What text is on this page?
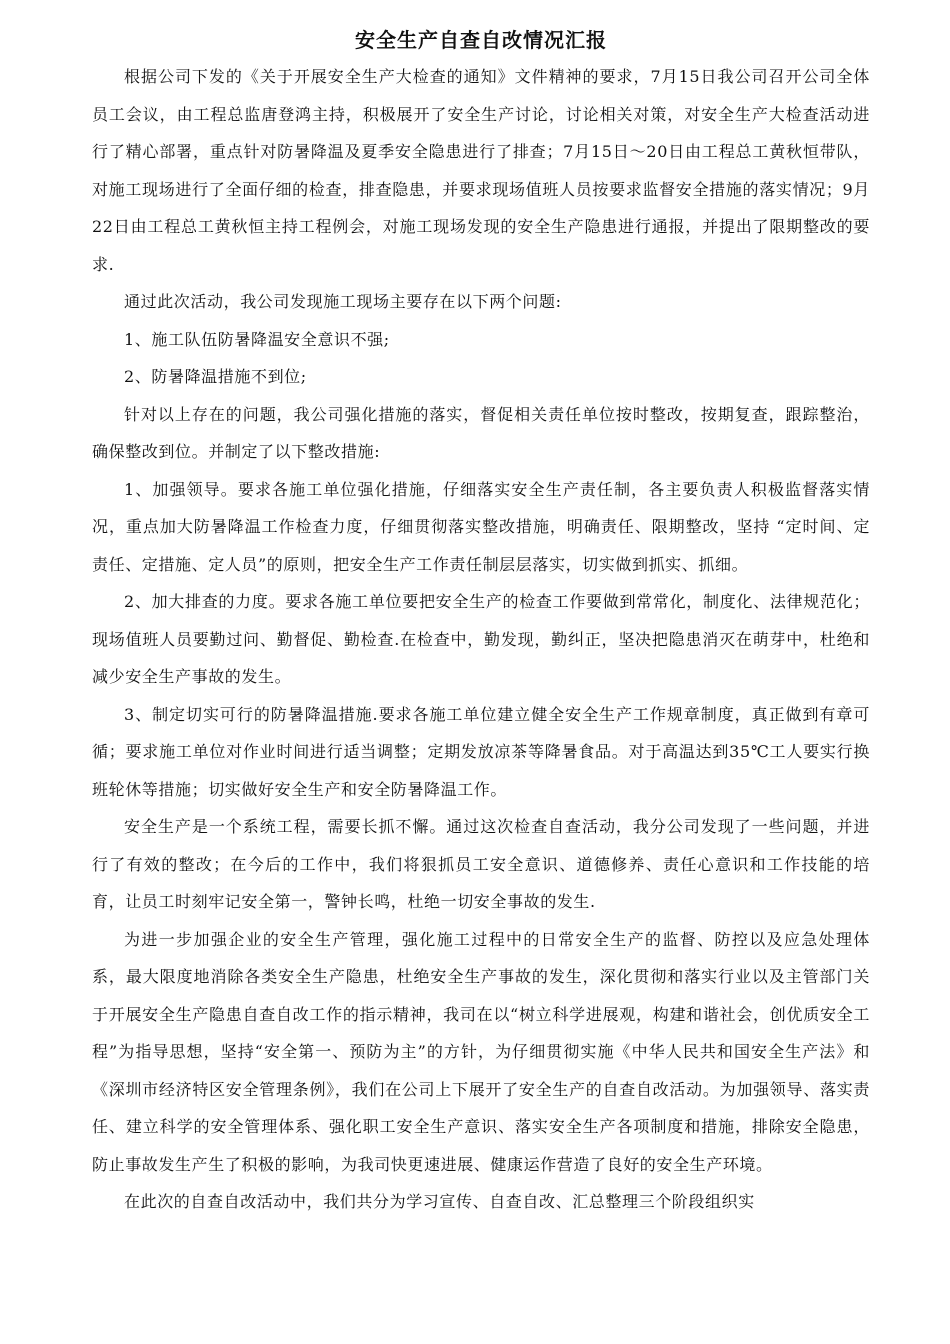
安全生产自查自改情况汇报

根据公司下发的《关于开展安全生产大检查的通知》文件精神的要求，7月15日我公司召开公司全体员工会议，由工程总监唐登鸿主持，积极展开了安全生产讨论，讨论相关对策，对安全生产大检查活动进行了精心部署，重点针对防暑降温及夏季安全隐患进行了排查；7月15日～20日由工程总工黄秋恒带队，对施工现场进行了全面仔细的检查，排查隐患，并要求现场值班人员按要求监督安全措施的落实情况；9月22日由工程总工黄秋恒主持工程例会，对施工现场发现的安全生产隐患进行通报，并提出了限期整改的要求.

通过此次活动，我公司发现施工现场主要存在以下两个问题:

1、施工队伍防暑降温安全意识不强;

2、防暑降温措施不到位;

针对以上存在的问题，我公司强化措施的落实，督促相关责任单位按时整改，按期复查，跟踪整治，确保整改到位。并制定了以下整改措施:

1、加强领导。要求各施工单位强化措施，仔细落实安全生产责任制，各主要负责人积极监督落实情况，重点加大防暑降温工作检查力度，仔细贯彻落实整改措施，明确责任、限期整改，坚持 “定时间、定责任、定措施、定人员”的原则，把安全生产工作责任制层层落实，切实做到抓实、抓细。

2、加大排查的力度。要求各施工单位要把安全生产的检查工作要做到常常化，制度化、法律规范化；现场值班人员要勤过问、勤督促、勤检查.在检查中，勤发现，勤纠正，坚决把隐患消灭在萌芽中，杜绝和减少安全生产事故的发生。

3、制定切实可行的防暑降温措施.要求各施工单位建立健全安全生产工作规章制度，真正做到有章可循；要求施工单位对作业时间进行适当调整；定期发放凉茶等降暑食品。对于高温达到35℃工人要实行换班轮休等措施；切实做好安全生产和安全防暑降温工作。

安全生产是一个系统工程，需要长抓不懈。通过这次检查自查活动，我分公司发现了一些问题，并进行了有效的整改；在今后的工作中，我们将狠抓员工安全意识、道德修养、责任心意识和工作技能的培育，让员工时刻牢记安全第一，警钟长鸣，杜绝一切安全事故的发生.

为进一步加强企业的安全生产管理，强化施工过程中的日常安全生产的监督、防控以及应急处理体系，最大限度地消除各类安全生产隐患，杜绝安全生产事故的发生，深化贯彻和落实行业以及主管部门关于开展安全生产隐患自查自改工作的指示精神，我司在以“树立科学进展观，构建和谐社会，创优质安全工程”为指导思想，坚持“安全第一、预防为主”的方针，为仔细贯彻实施《中华人民共和国安全生产法》和《深圳市经济特区安全管理条例》，我们在公司上下展开了安全生产的自查自改活动。为加强领导、落实责任、建立科学的安全管理体系、强化职工安全生产意识、落实安全生产各项制度和措施，排除安全隐患，防止事故发生产生了积极的影响，为我司快更速进展、健康运作营造了良好的安全生产环境。

在此次的自查自改活动中，我们共分为学习宣传、自查自改、汇总整理三个阶段组织实
